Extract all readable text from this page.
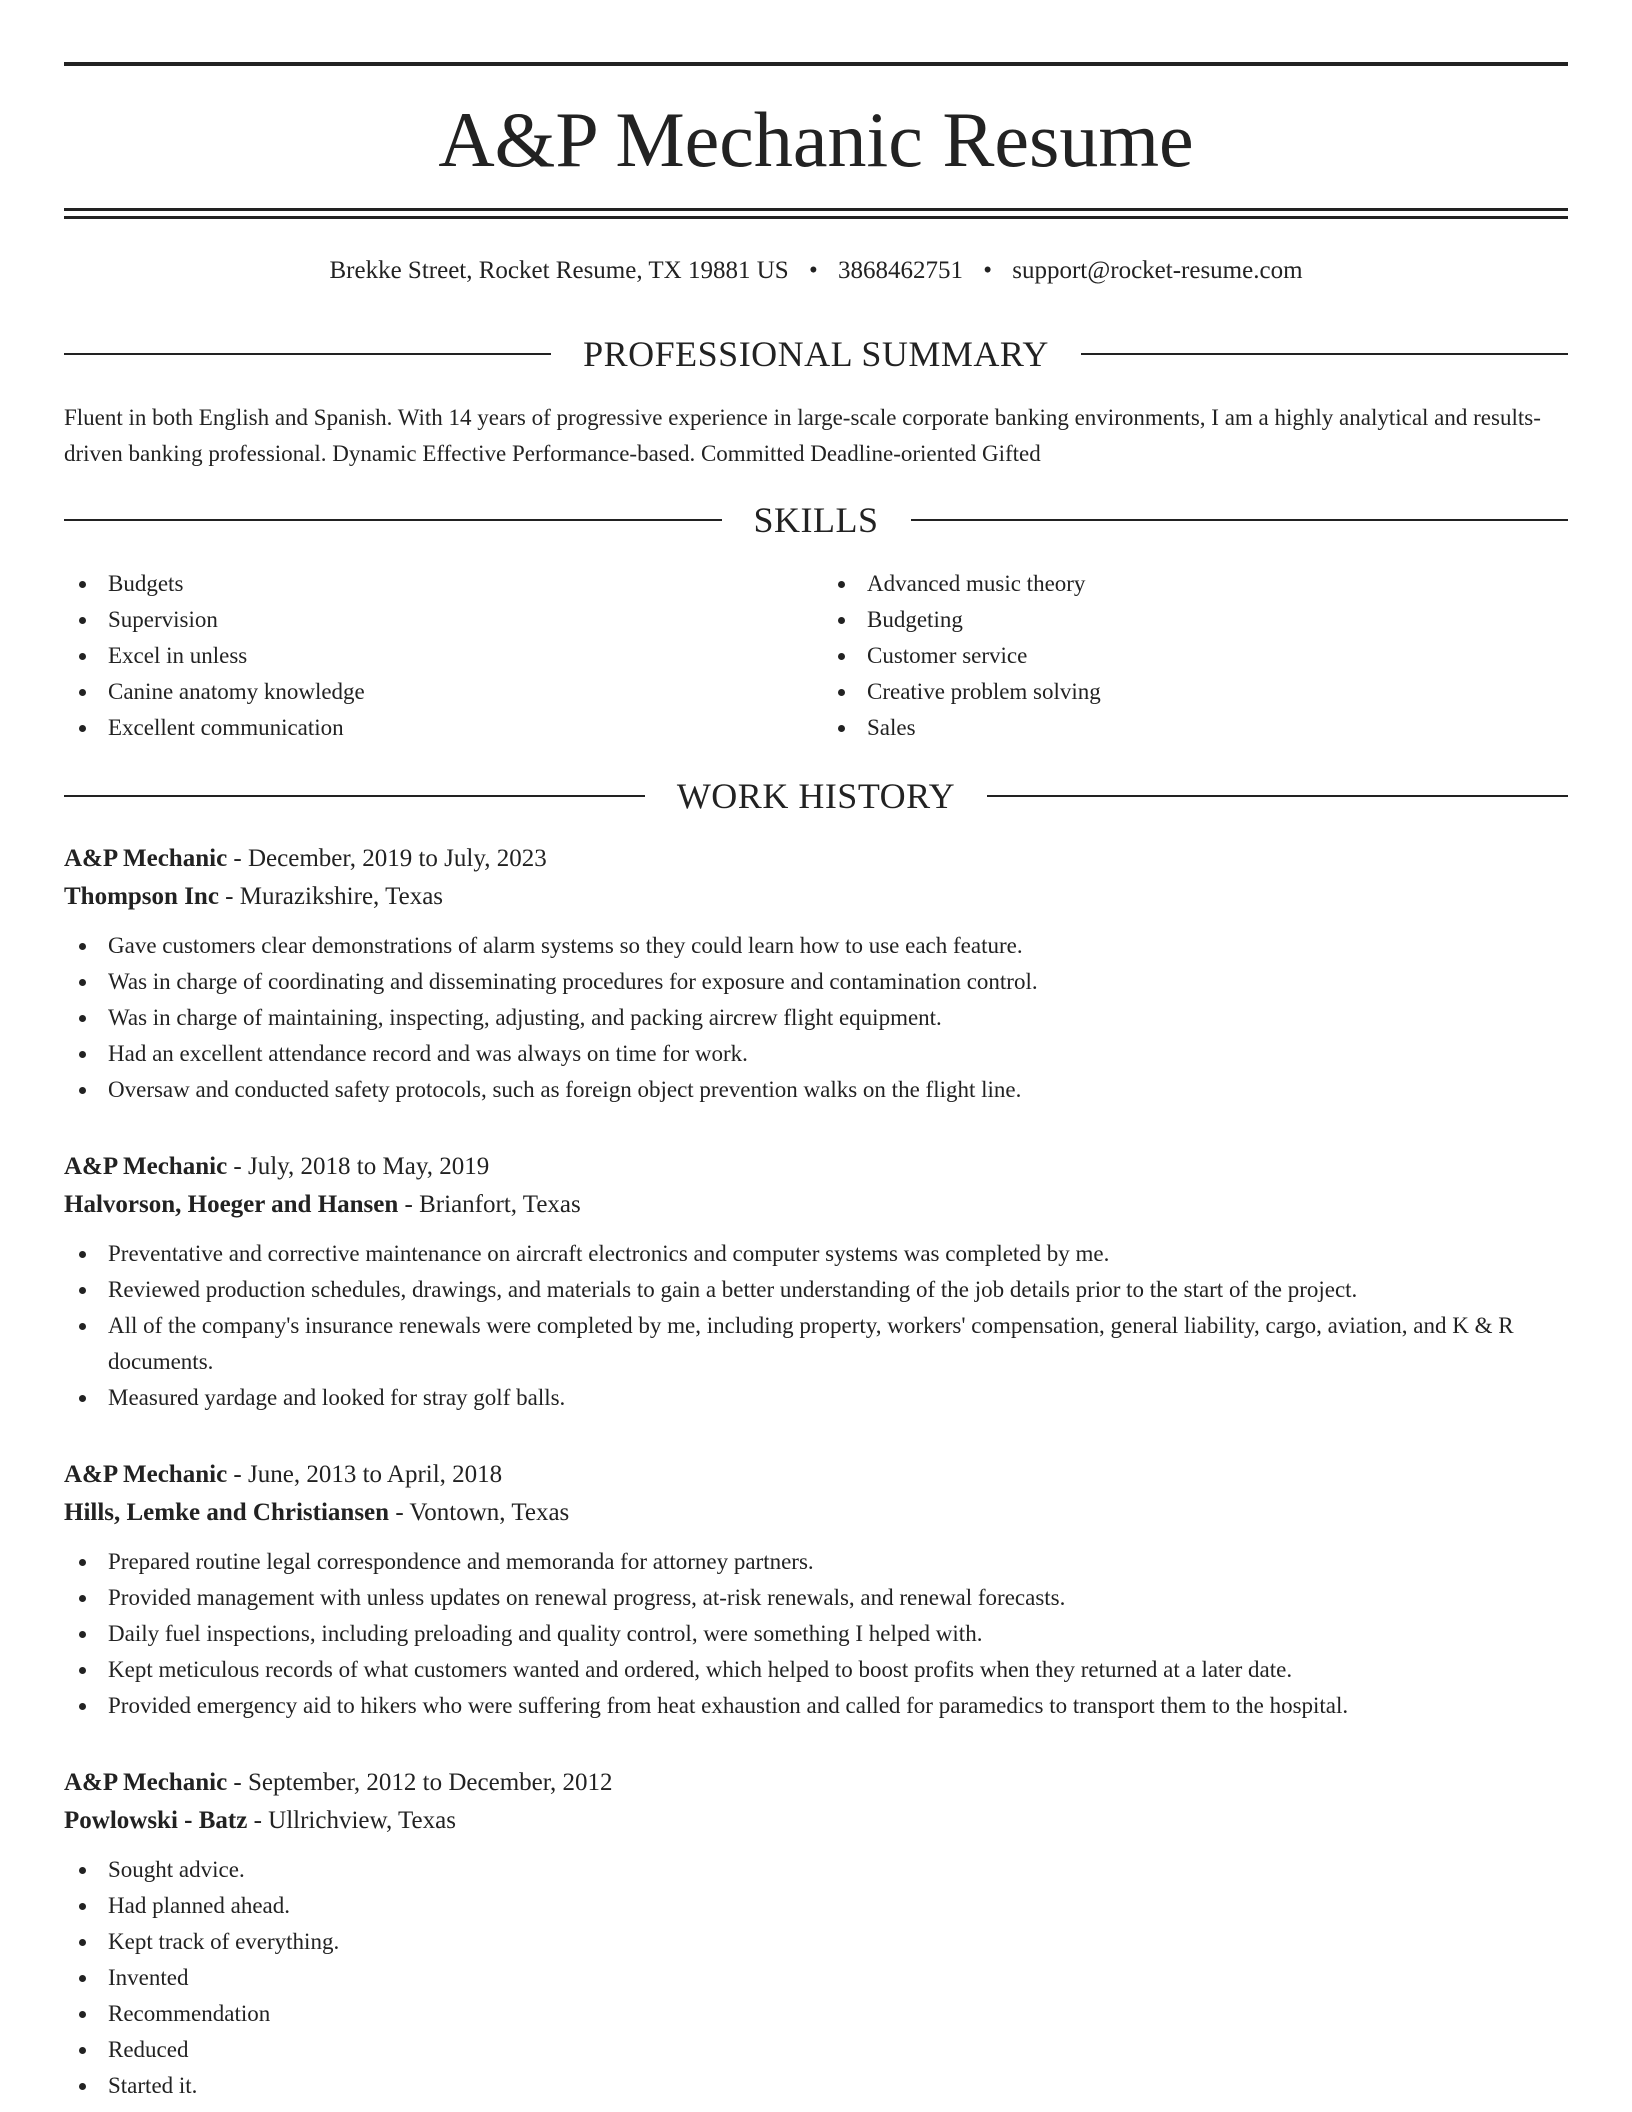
A&P Mechanic Resume
Brekke Street, Rocket Resume, TX 19881 US • 3868462751 • support@rocket-resume.com
PROFESSIONAL SUMMARY
Fluent in both English and Spanish. With 14 years of progressive experience in large-scale corporate banking environments, I am a highly analytical and results-driven banking professional. Dynamic Effective Performance-based. Committed Deadline-oriented Gifted
SKILLS
Budgets
Supervision
Excel in unless
Canine anatomy knowledge
Excellent communication
Advanced music theory
Budgeting
Customer service
Creative problem solving
Sales
WORK HISTORY
A&P Mechanic - December, 2019 to July, 2023
Thompson Inc - Murazikshire, Texas
Gave customers clear demonstrations of alarm systems so they could learn how to use each feature.
Was in charge of coordinating and disseminating procedures for exposure and contamination control.
Was in charge of maintaining, inspecting, adjusting, and packing aircrew flight equipment.
Had an excellent attendance record and was always on time for work.
Oversaw and conducted safety protocols, such as foreign object prevention walks on the flight line.
A&P Mechanic - July, 2018 to May, 2019
Halvorson, Hoeger and Hansen - Brianfort, Texas
Preventative and corrective maintenance on aircraft electronics and computer systems was completed by me.
Reviewed production schedules, drawings, and materials to gain a better understanding of the job details prior to the start of the project.
All of the company's insurance renewals were completed by me, including property, workers' compensation, general liability, cargo, aviation, and K & R documents.
Measured yardage and looked for stray golf balls.
A&P Mechanic - June, 2013 to April, 2018
Hills, Lemke and Christiansen - Vontown, Texas
Prepared routine legal correspondence and memoranda for attorney partners.
Provided management with unless updates on renewal progress, at-risk renewals, and renewal forecasts.
Daily fuel inspections, including preloading and quality control, were something I helped with.
Kept meticulous records of what customers wanted and ordered, which helped to boost profits when they returned at a later date.
Provided emergency aid to hikers who were suffering from heat exhaustion and called for paramedics to transport them to the hospital.
A&P Mechanic - September, 2012 to December, 2012
Powlowski - Batz - Ullrichview, Texas
Sought advice.
Had planned ahead.
Kept track of everything.
Invented
Recommendation
Reduced
Started it.
